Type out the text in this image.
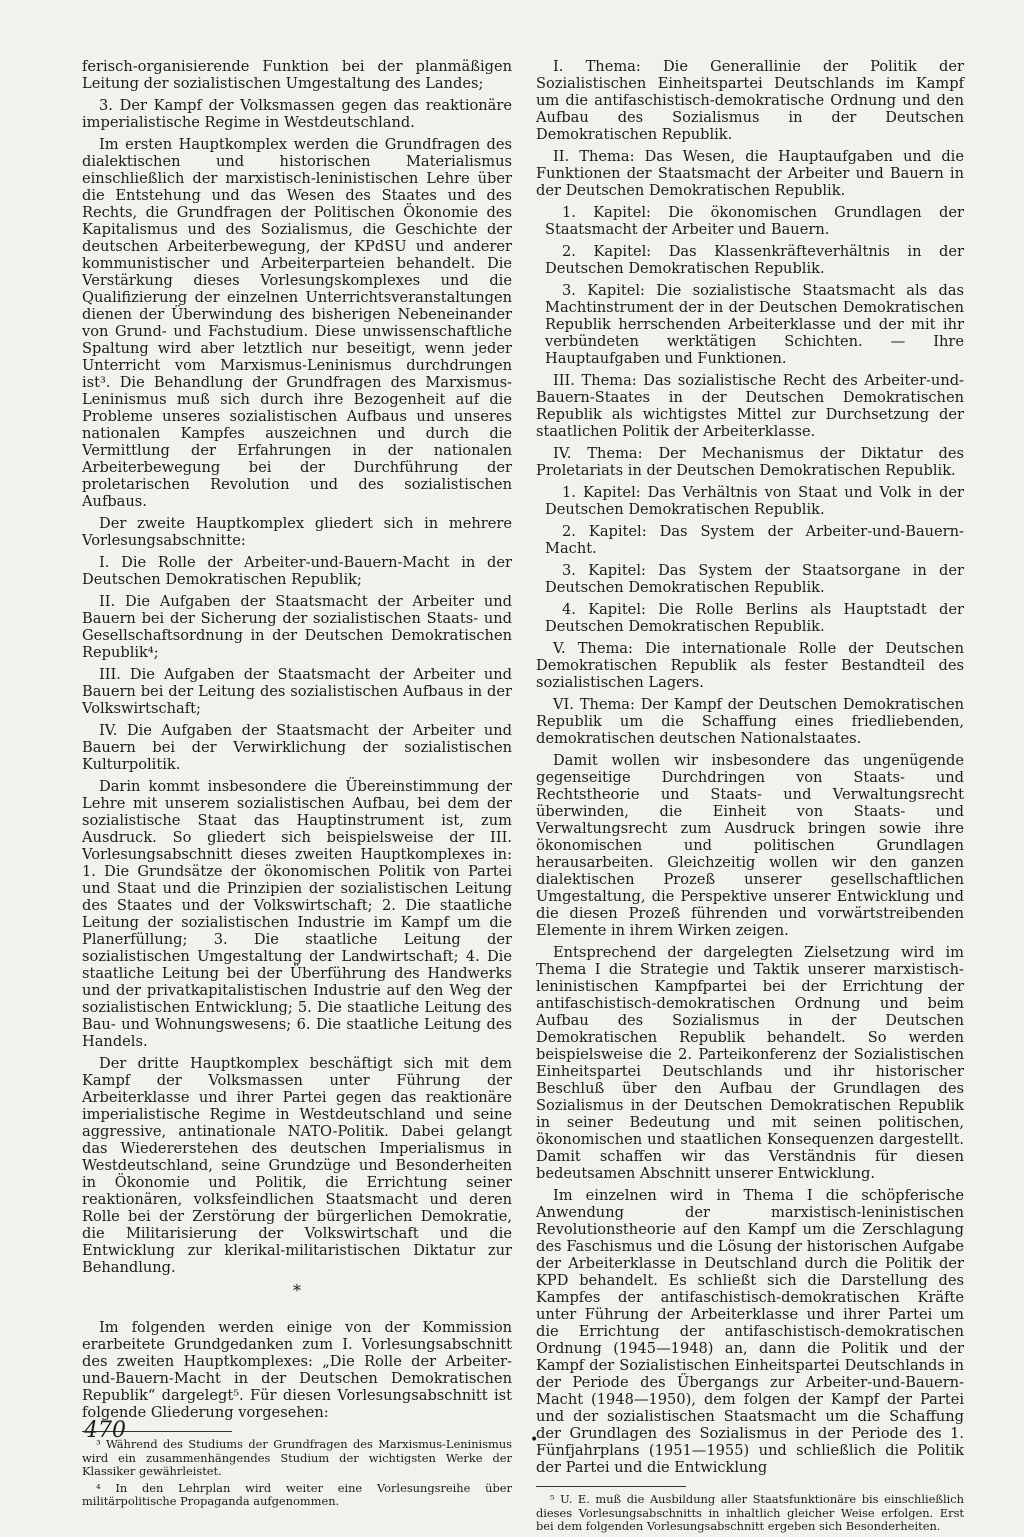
ferisch-organisierende Funktion bei der planmäßigen Leitung der sozialistischen Umgestaltung des Landes;

3. Der Kampf der Volksmassen gegen das reaktionäre imperialistische Regime in Westdeutschland.

Im ersten Hauptkomplex werden die Grundfragen des dialektischen und historischen Materialismus einschließlich der marxistisch-leninistischen Lehre über die Entstehung und das Wesen des Staates und des Rechts, die Grundfragen der Politischen Ökonomie des Kapitalismus und des Sozialismus, die Geschichte der deutschen Arbeiterbewegung, der KPdSU und anderer kommunistischer und Arbeiterparteien behandelt. Die Verstärkung dieses Vorlesungskomplexes und die Qualifizierung der einzelnen Unterrichtsveranstaltungen dienen der Überwindung des bisherigen Nebeneinander von Grund- und Fachstudium. Diese unwissenschaftliche Spaltung wird aber letztlich nur beseitigt, wenn jeder Unterricht vom Marxismus-Leninismus durchdrungen ist³. Die Behandlung der Grundfragen des Marxismus-Leninismus muß sich durch ihre Bezogenheit auf die Probleme unseres sozialistischen Aufbaus und unseres nationalen Kampfes auszeichnen und durch die Vermittlung der Erfahrungen in der nationalen Arbeiterbewegung bei der Durchführung der proletarischen Revolution und des sozialistischen Aufbaus.

Der zweite Hauptkomplex gliedert sich in mehrere Vorlesungsabschnitte:

I. Die Rolle der Arbeiter-und-Bauern-Macht in der Deutschen Demokratischen Republik;

II. Die Aufgaben der Staatsmacht der Arbeiter und Bauern bei der Sicherung der sozialistischen Staats- und Gesellschaftsordnung in der Deutschen Demokratischen Republik⁴;

III. Die Aufgaben der Staatsmacht der Arbeiter und Bauern bei der Leitung des sozialistischen Aufbaus in der Volkswirtschaft;

IV. Die Aufgaben der Staatsmacht der Arbeiter und Bauern bei der Verwirklichung der sozialistischen Kulturpolitik.

Darin kommt insbesondere die Übereinstimmung der Lehre mit unserem sozialistischen Aufbau, bei dem der sozialistische Staat das Hauptinstrument ist, zum Ausdruck. So gliedert sich beispielsweise der III. Vorlesungsabschnitt dieses zweiten Hauptkomplexes in: 1. Die Grundsätze der ökonomischen Politik von Partei und Staat und die Prinzipien der sozialistischen Leitung des Staates und der Volkswirtschaft; 2. Die staatliche Leitung der sozialistischen Industrie im Kampf um die Planerfüllung; 3. Die staatliche Leitung der sozialistischen Umgestaltung der Landwirtschaft; 4. Die staatliche Leitung bei der Überführung des Handwerks und der privatkapitalistischen Industrie auf den Weg der sozialistischen Entwicklung; 5. Die staatliche Leitung des Bau- und Wohnungswesens; 6. Die staatliche Leitung des Handels.

Der dritte Hauptkomplex beschäftigt sich mit dem Kampf der Volksmassen unter Führung der Arbeiterklasse und ihrer Partei gegen das reaktionäre imperialistische Regime in Westdeutschland und seine aggressive, antinationale NATO-Politik. Dabei gelangt das Wiedererstehen des deutschen Imperialismus in Westdeutschland, seine Grundzüge und Besonderheiten in Ökonomie und Politik, die Errichtung seiner reaktionären, volksfeindlichen Staatsmacht und deren Rolle bei der Zerstörung der bürgerlichen Demokratie, die Militarisierung der Volkswirtschaft und die Entwicklung zur klerikal-militaristischen Diktatur zur Behandlung.

*

Im folgenden werden einige von der Kommission erarbeitete Grundgedanken zum I. Vorlesungsabschnitt des zweiten Hauptkomplexes: „Die Rolle der Arbeiter-und-Bauern-Macht in der Deutschen Demokratischen Republik“ dargelegt⁵. Für diesen Vorlesungsabschnitt ist folgende Gliederung vorgesehen:

³ Während des Studiums der Grundfragen des Marxismus-Leninismus wird ein zusammenhängendes Studium der wichtigsten Werke der Klassiker gewährleistet.

⁴ In den Lehrplan wird weiter eine Vorlesungsreihe über militärpolitische Propaganda aufgenommen.

I. Thema: Die Generallinie der Politik der Sozialistischen Einheitspartei Deutschlands im Kampf um die antifaschistisch-demokratische Ordnung und den Aufbau des Sozialismus in der Deutschen Demokratischen Republik.

II. Thema: Das Wesen, die Hauptaufgaben und die Funktionen der Staatsmacht der Arbeiter und Bauern in der Deutschen Demokratischen Republik.

1. Kapitel: Die ökonomischen Grundlagen der Staatsmacht der Arbeiter und Bauern.

2. Kapitel: Das Klassenkräfteverhältnis in der Deutschen Demokratischen Republik.

3. Kapitel: Die sozialistische Staatsmacht als das Machtinstrument der in der Deutschen Demokratischen Republik herrschenden Arbeiterklasse und der mit ihr verbündeten werktätigen Schichten. — Ihre Hauptaufgaben und Funktionen.

III. Thema: Das sozialistische Recht des Arbeiter-und-Bauern-Staates in der Deutschen Demokratischen Republik als wichtigstes Mittel zur Durchsetzung der staatlichen Politik der Arbeiterklasse.

IV. Thema: Der Mechanismus der Diktatur des Proletariats in der Deutschen Demokratischen Republik.

1. Kapitel: Das Verhältnis von Staat und Volk in der Deutschen Demokratischen Republik.

2. Kapitel: Das System der Arbeiter-und-Bauern-Macht.

3. Kapitel: Das System der Staatsorgane in der Deutschen Demokratischen Republik.

4. Kapitel: Die Rolle Berlins als Hauptstadt der Deutschen Demokratischen Republik.

V. Thema: Die internationale Rolle der Deutschen Demokratischen Republik als fester Bestandteil des sozialistischen Lagers.

VI. Thema: Der Kampf der Deutschen Demokratischen Republik um die Schaffung eines friedliebenden, demokratischen deutschen Nationalstaates.

Damit wollen wir insbesondere das ungenügende gegenseitige Durchdringen von Staats- und Rechtstheorie und Staats- und Verwaltungsrecht überwinden, die Einheit von Staats- und Verwaltungsrecht zum Ausdruck bringen sowie ihre ökonomischen und politischen Grundlagen herausarbeiten. Gleichzeitig wollen wir den ganzen dialektischen Prozeß unserer gesellschaftlichen Umgestaltung, die Perspektive unserer Entwicklung und die diesen Prozeß führenden und vorwärtstreibenden Elemente in ihrem Wirken zeigen.

Entsprechend der dargelegten Zielsetzung wird im Thema I die Strategie und Taktik unserer marxistisch-leninistischen Kampfpartei bei der Errichtung der antifaschistisch-demokratischen Ordnung und beim Aufbau des Sozialismus in der Deutschen Demokratischen Republik behandelt. So werden beispielsweise die 2. Parteikonferenz der Sozialistischen Einheitspartei Deutschlands und ihr historischer Beschluß über den Aufbau der Grundlagen des Sozialismus in der Deutschen Demokratischen Republik in seiner Bedeutung und mit seinen politischen, ökonomischen und staatlichen Konsequenzen dargestellt. Damit schaffen wir das Verständnis für diesen bedeutsamen Abschnitt unserer Entwicklung.

Im einzelnen wird in Thema I die schöpferische Anwendung der marxistisch-leninistischen Revolutionstheorie auf den Kampf um die Zerschlagung des Faschismus und die Lösung der historischen Aufgabe der Arbeiterklasse in Deutschland durch die Politik der KPD behandelt. Es schließt sich die Darstellung des Kampfes der antifaschistisch-demokratischen Kräfte unter Führung der Arbeiterklasse und ihrer Partei um die Errichtung der antifaschistisch-demokratischen Ordnung (1945—1948) an, dann die Politik und der Kampf der Sozialistischen Einheitspartei Deutschlands in der Periode des Übergangs zur Arbeiter-und-Bauern-Macht (1948—1950), dem folgen der Kampf der Partei und der sozialistischen Staatsmacht um die Schaffung der Grundlagen des Sozialismus in der Periode des 1. Fünfjahrplans (1951—1955) und schließlich die Politik der Partei und die Entwicklung

⁵ U. E. muß die Ausbildung aller Staatsfunktionäre bis einschließlich dieses Vorlesungsabschnitts in inhaltlich gleicher Weise erfolgen. Erst bei dem folgenden Vorlesungsabschnitt ergeben sich Besonderheiten.

470	•
